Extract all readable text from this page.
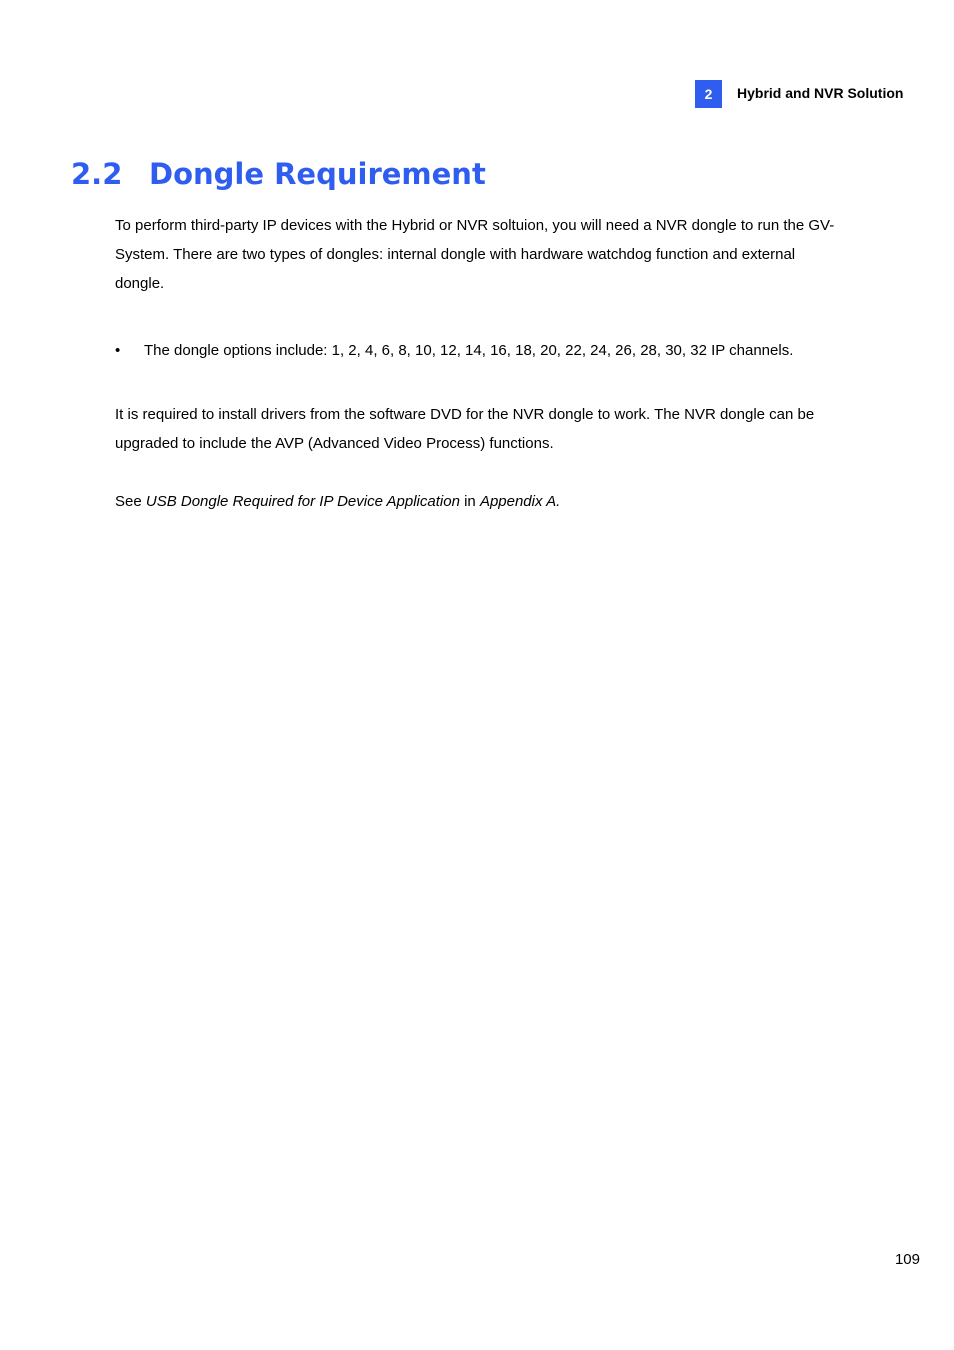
2	Hybrid and NVR Solution
2.2 Dongle Requirement

To perform third-party IP devices with the Hybrid or NVR soltuion, you will need a NVR dongle to run the GV-System. There are two types of dongles: internal dongle with hardware watchdog function and external dongle.

• The dongle options include: 1, 2, 4, 6, 8, 10, 12, 14, 16, 18, 20, 22, 24, 26, 28, 30, 32 IP channels.

It is required to install drivers from the software DVD for the NVR dongle to work. The NVR dongle can be upgraded to include the AVP (Advanced Video Process) functions.

See USB Dongle Required for IP Device Application in Appendix A.

109
